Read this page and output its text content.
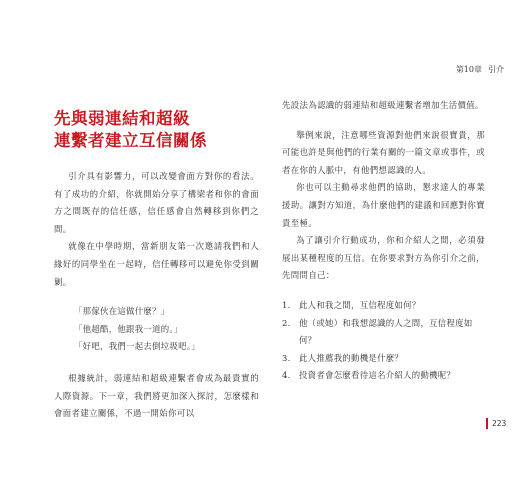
第10章 引介
先與弱連結和超級
連繫者建立互信關係

引介具有影響力，可以改變會面方對你的看法。有了成功的介紹，你就開始分享了構梁者和你的會面方之間既存的信任感，信任感會自然轉移到你們之間。

就像在中學時期，當新朋友第一次邀請我們和人緣好的同學坐在一起時，信任轉移可以避免你受到關剿。

「那傢伙在這做什麼？」
「他超酷，他跟我一道的。」
「好吧，我們一起去倒垃圾吧。」

根據統計，弱連結和超級連繫者會成為最貴實的人際資源。下一章，我們將更加深入探討，怎麼樣和會面者建立關係，不過一開始你可以

先設法為認識的弱連結和超級連繫者增加生活價值。

舉例來說，注意哪些資源對他們來說很寶貴，那可能也許是與他們的行業有關的一篇文章或事件，或者在你的人脈中，有他們想認識的人。

你也可以主動尋求他們的協助，懇求達人的專業援助。讓對方知道，為什麼他們的建議和回應對你寶貴至極。

為了讓引介行動成功，你和介紹人之間，必須發展出某種程度的互信。在你要求對方為你引介之前，先問問自己：

1.	此人和我之間，互信程度如何？
2.	他（或她）和我想認識的人之間，互信程度如何？
3.	此人推薦我的動機是什麼？
4.	投資者會怎麼看待這名介紹人的動機呢？
223
